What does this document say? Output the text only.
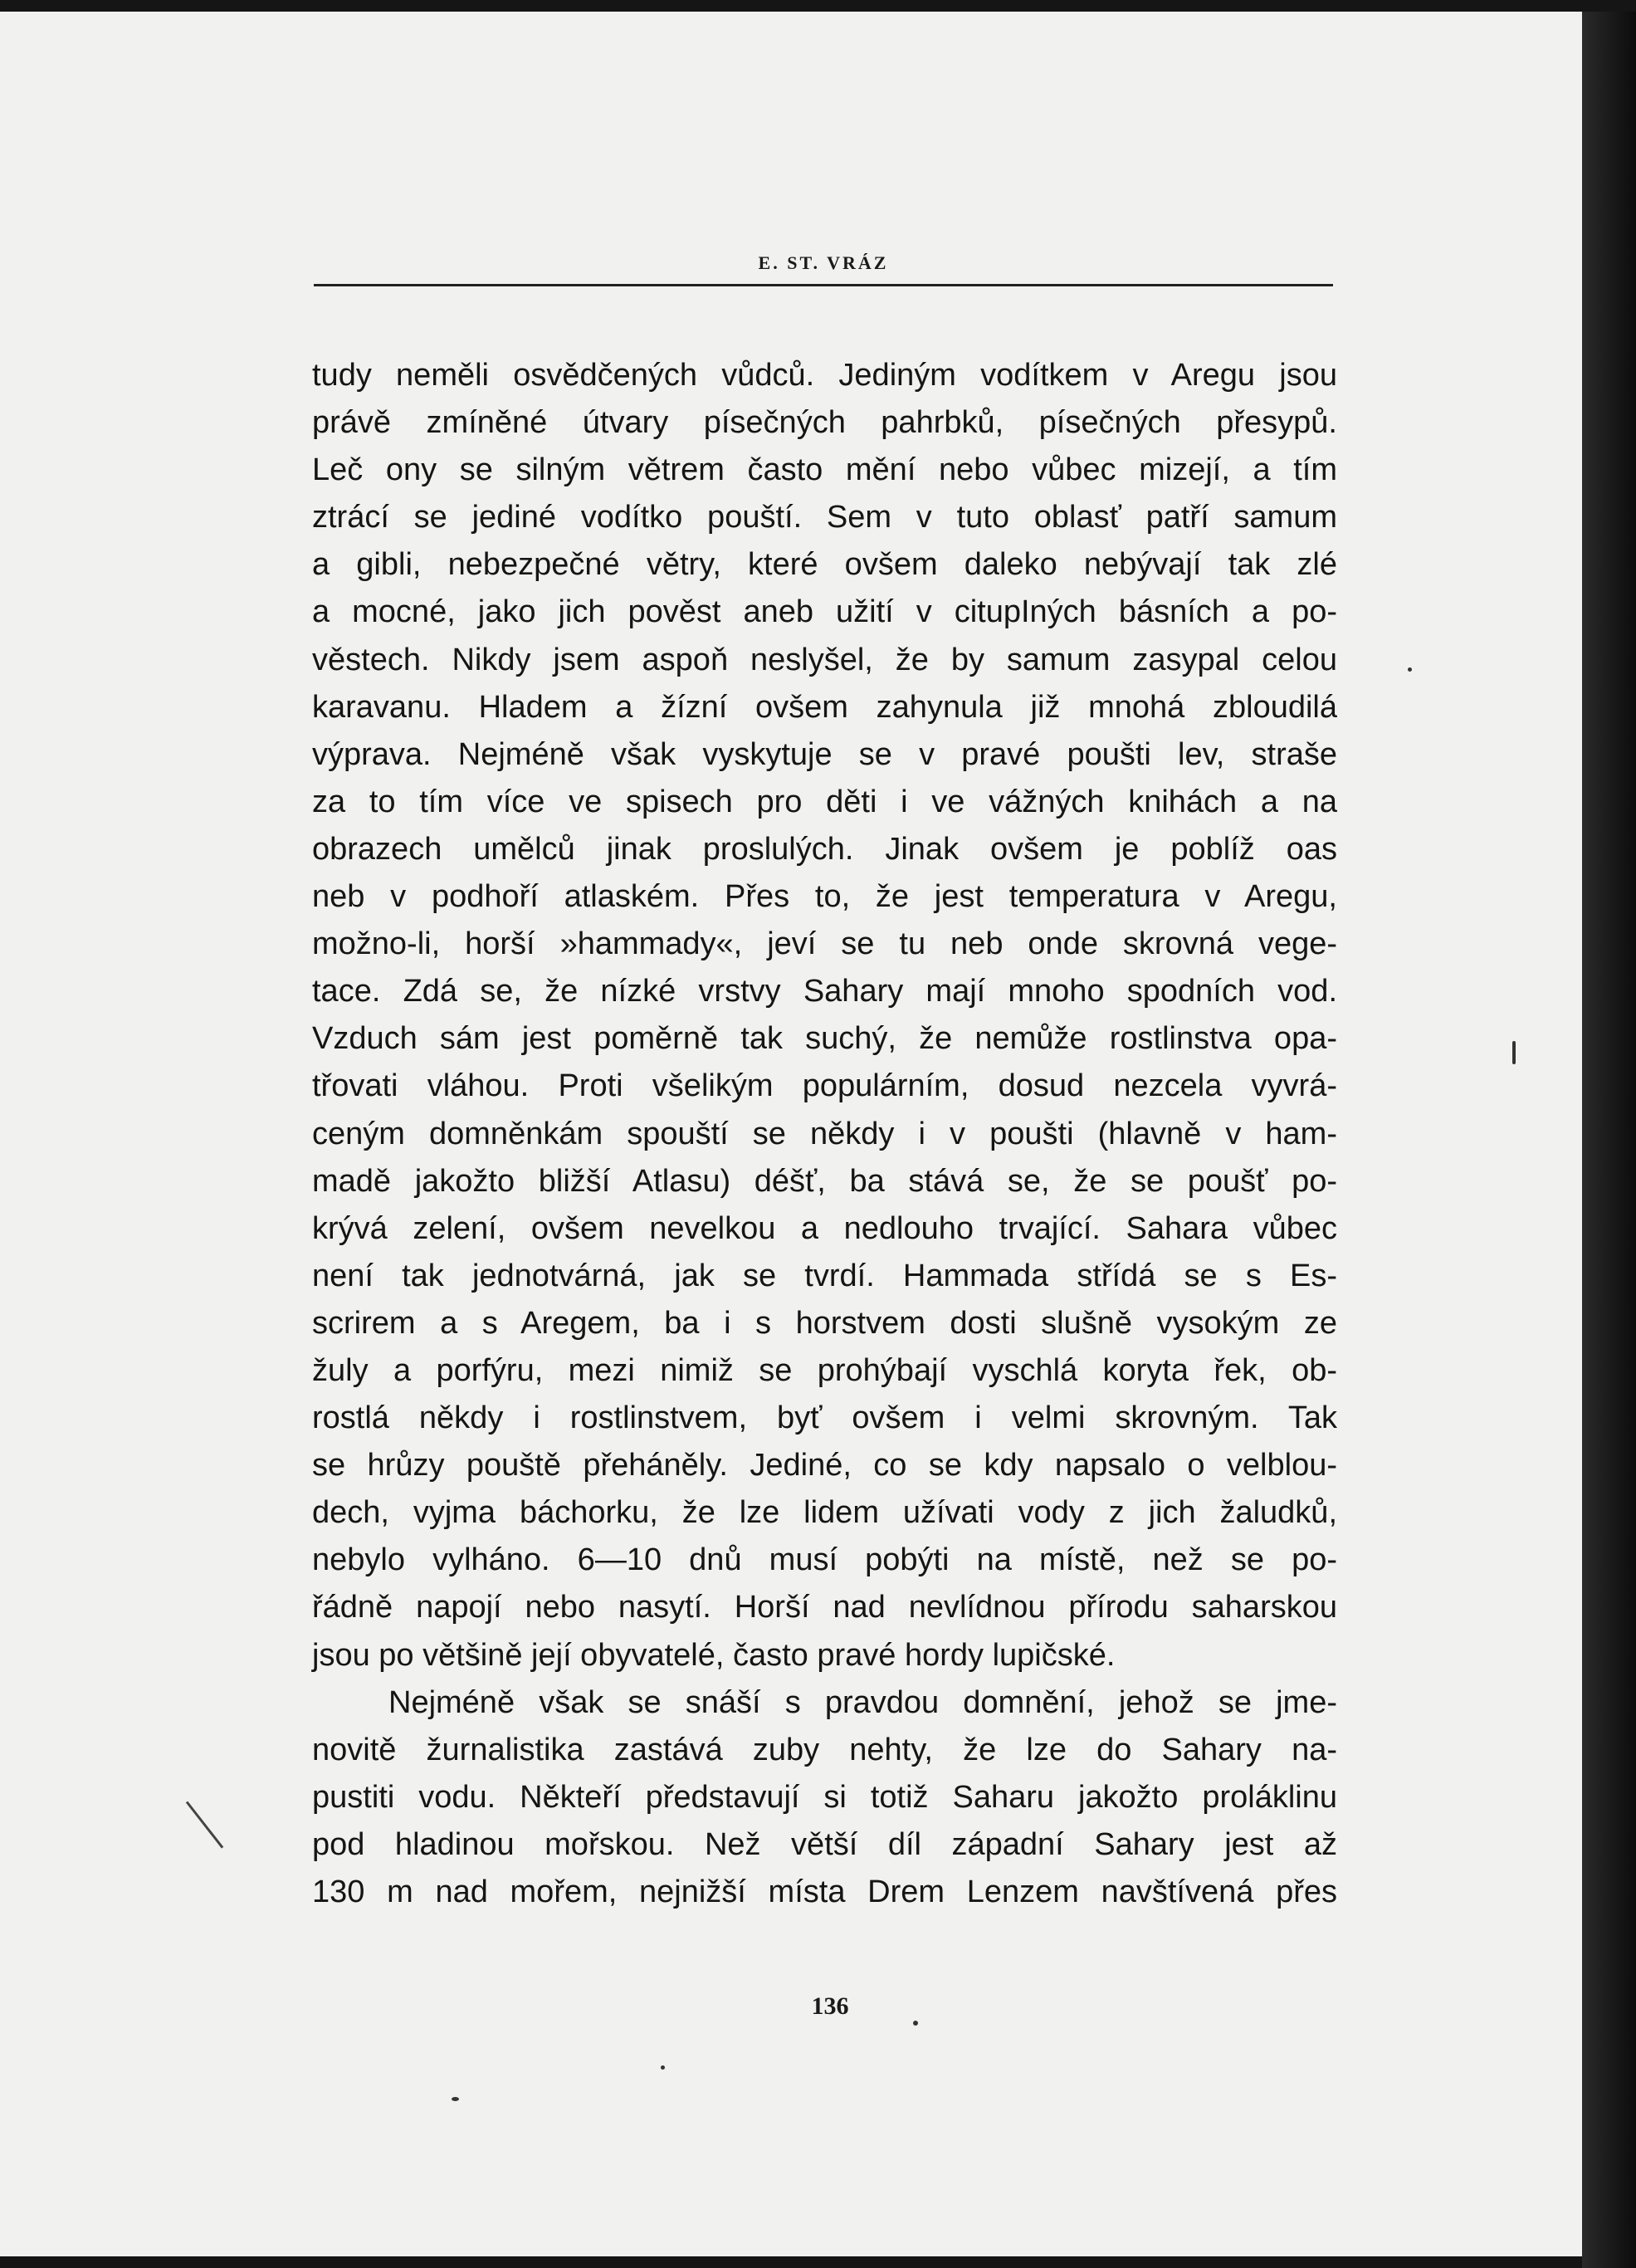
E. ST. VRÁZ
tudy neměli osvědčených vůdců. Jediným vodítkem v Aregu jsou
právě zmíněné útvary písečných pahrbků, písečných přesypů.
Leč ony se silným větrem často mění nebo vůbec mizejí, a tím
ztrácí se jediné vodítko pouští. Sem v tuto oblasť patří samum
a gibli, nebezpečné větry, které ovšem daleko nebývají tak zlé
a mocné, jako jich pověst aneb užití v citupIných básních a po-
věstech. Nikdy jsem aspoň neslyšel, že by samum zasypal celou
karavanu. Hladem a žízní ovšem zahynula již mnohá zbloudilá
výprava. Nejméně však vyskytuje se v pravé poušti lev, straše
za to tím více ve spisech pro děti i ve vážných knihách a na
obrazech umělců jinak proslulých. Jinak ovšem je poblíž oas
neb v podhoří atlaském. Přes to, že jest temperatura v Aregu,
možno-li, horší »hammady«, jeví se tu neb onde skrovná vege-
tace. Zdá se, že nízké vrstvy Sahary mají mnoho spodních vod.
Vzduch sám jest poměrně tak suchý, že nemůže rostlinstva opa-
třovati vláhou. Proti všelikým populárním, dosud nezcela vyvrá-
ceným domněnkám spouští se někdy i v poušti (hlavně v ham-
madě jakožto bližší Atlasu) déšť, ba stává se, že se poušť po-
krývá zelení, ovšem nevelkou a nedlouho trvající. Sahara vůbec
není tak jednotvárná, jak se tvrdí. Hammada střídá se s Es-
scrirem a s Aregem, ba i s horstvem dosti slušně vysokým ze
žuly a porfýru, mezi nimiž se prohýbají vyschlá koryta řek, ob-
rostlá někdy i rostlinstvem, byť ovšem i velmi skrovným. Tak
se hrůzy pouště přeháněly. Jediné, co se kdy napsalo o velblou-
dech, vyjma báchorku, že lze lidem užívati vody z jich žaludků,
nebylo vylháno. 6—10 dnů musí pobýti na místě, než se po-
řádně napojí nebo nasytí. Horší nad nevlídnou přírodu saharskou
jsou po většině její obyvatelé, často pravé hordy lupičské.
Nejméně však se snáší s pravdou domnění, jehož se jme-
novitě žurnalistika zastává zuby nehty, že lze do Sahary na-
pustiti vodu. Někteří představují si totiž Saharu jakožto proláklinu
pod hladinou mořskou. Než větší díl západní Sahary jest až
130 m nad mořem, nejnižší místa Drem Lenzem navštívená přes
136
